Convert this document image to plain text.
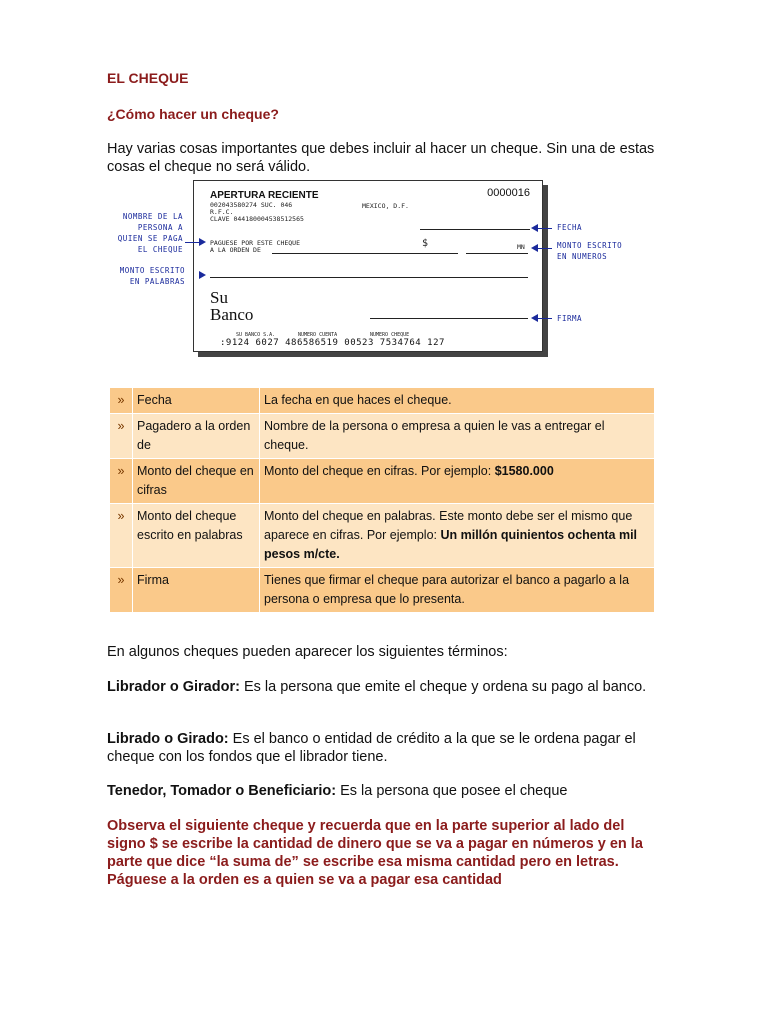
EL CHEQUE
¿Cómo hacer un cheque?
Hay varias cosas importantes que debes incluir al hacer un cheque. Sin una de estas cosas el cheque no será válido.
APERTURA RECIENTE
002043580274 SUC. 046
R.F.C.
CLAVE 044180004538512565
MEXICO, D.F.
0000016
PAGUESE POR ESTE CHEQUE
A LA ORDEN DE
$	MN
Su
Banco
SU BANCO S.A.	NUMERO CUENTA	NUMERO CHEQUE
:9124 6027 486586519 00523 7534764 127
NOMBRE DE LA
PERSONA A
QUIEN SE PAGA
EL CHEQUE
MONTO ESCRITO
EN PALABRAS
FECHA
MONTO ESCRITO
EN NUMEROS
FIRMA
»	Fecha	La fecha en que haces el cheque.
»	Pagadero a la orden de	Nombre de la persona o empresa a quien le vas a entregar el cheque.
»	Monto del cheque en cifras	Monto del cheque en cifras. Por ejemplo: $1580.000
»	Monto del cheque escrito en palabras	Monto del cheque en palabras. Este monto debe ser el mismo que aparece en cifras. Por ejemplo: Un millón quinientos ochenta mil pesos m/cte.
»	Firma	Tienes que firmar el cheque para autorizar el banco a pagarlo a la persona o empresa que lo presenta.
En algunos cheques pueden aparecer los siguientes términos:
Librador o Girador: Es la persona que emite el cheque y ordena su pago al banco.
Librado o Girado: Es el banco o entidad de crédito a la que se le ordena pagar el cheque con los fondos que el librador tiene.
Tenedor, Tomador o Beneficiario: Es la persona que posee el cheque
Observa el siguiente cheque y recuerda que en la parte superior al lado del signo $ se escribe la cantidad de dinero que se va a pagar en números y en la parte que dice “la suma de” se escribe esa misma cantidad pero en letras. Páguese a la orden es a quien se va a pagar esa cantidad
